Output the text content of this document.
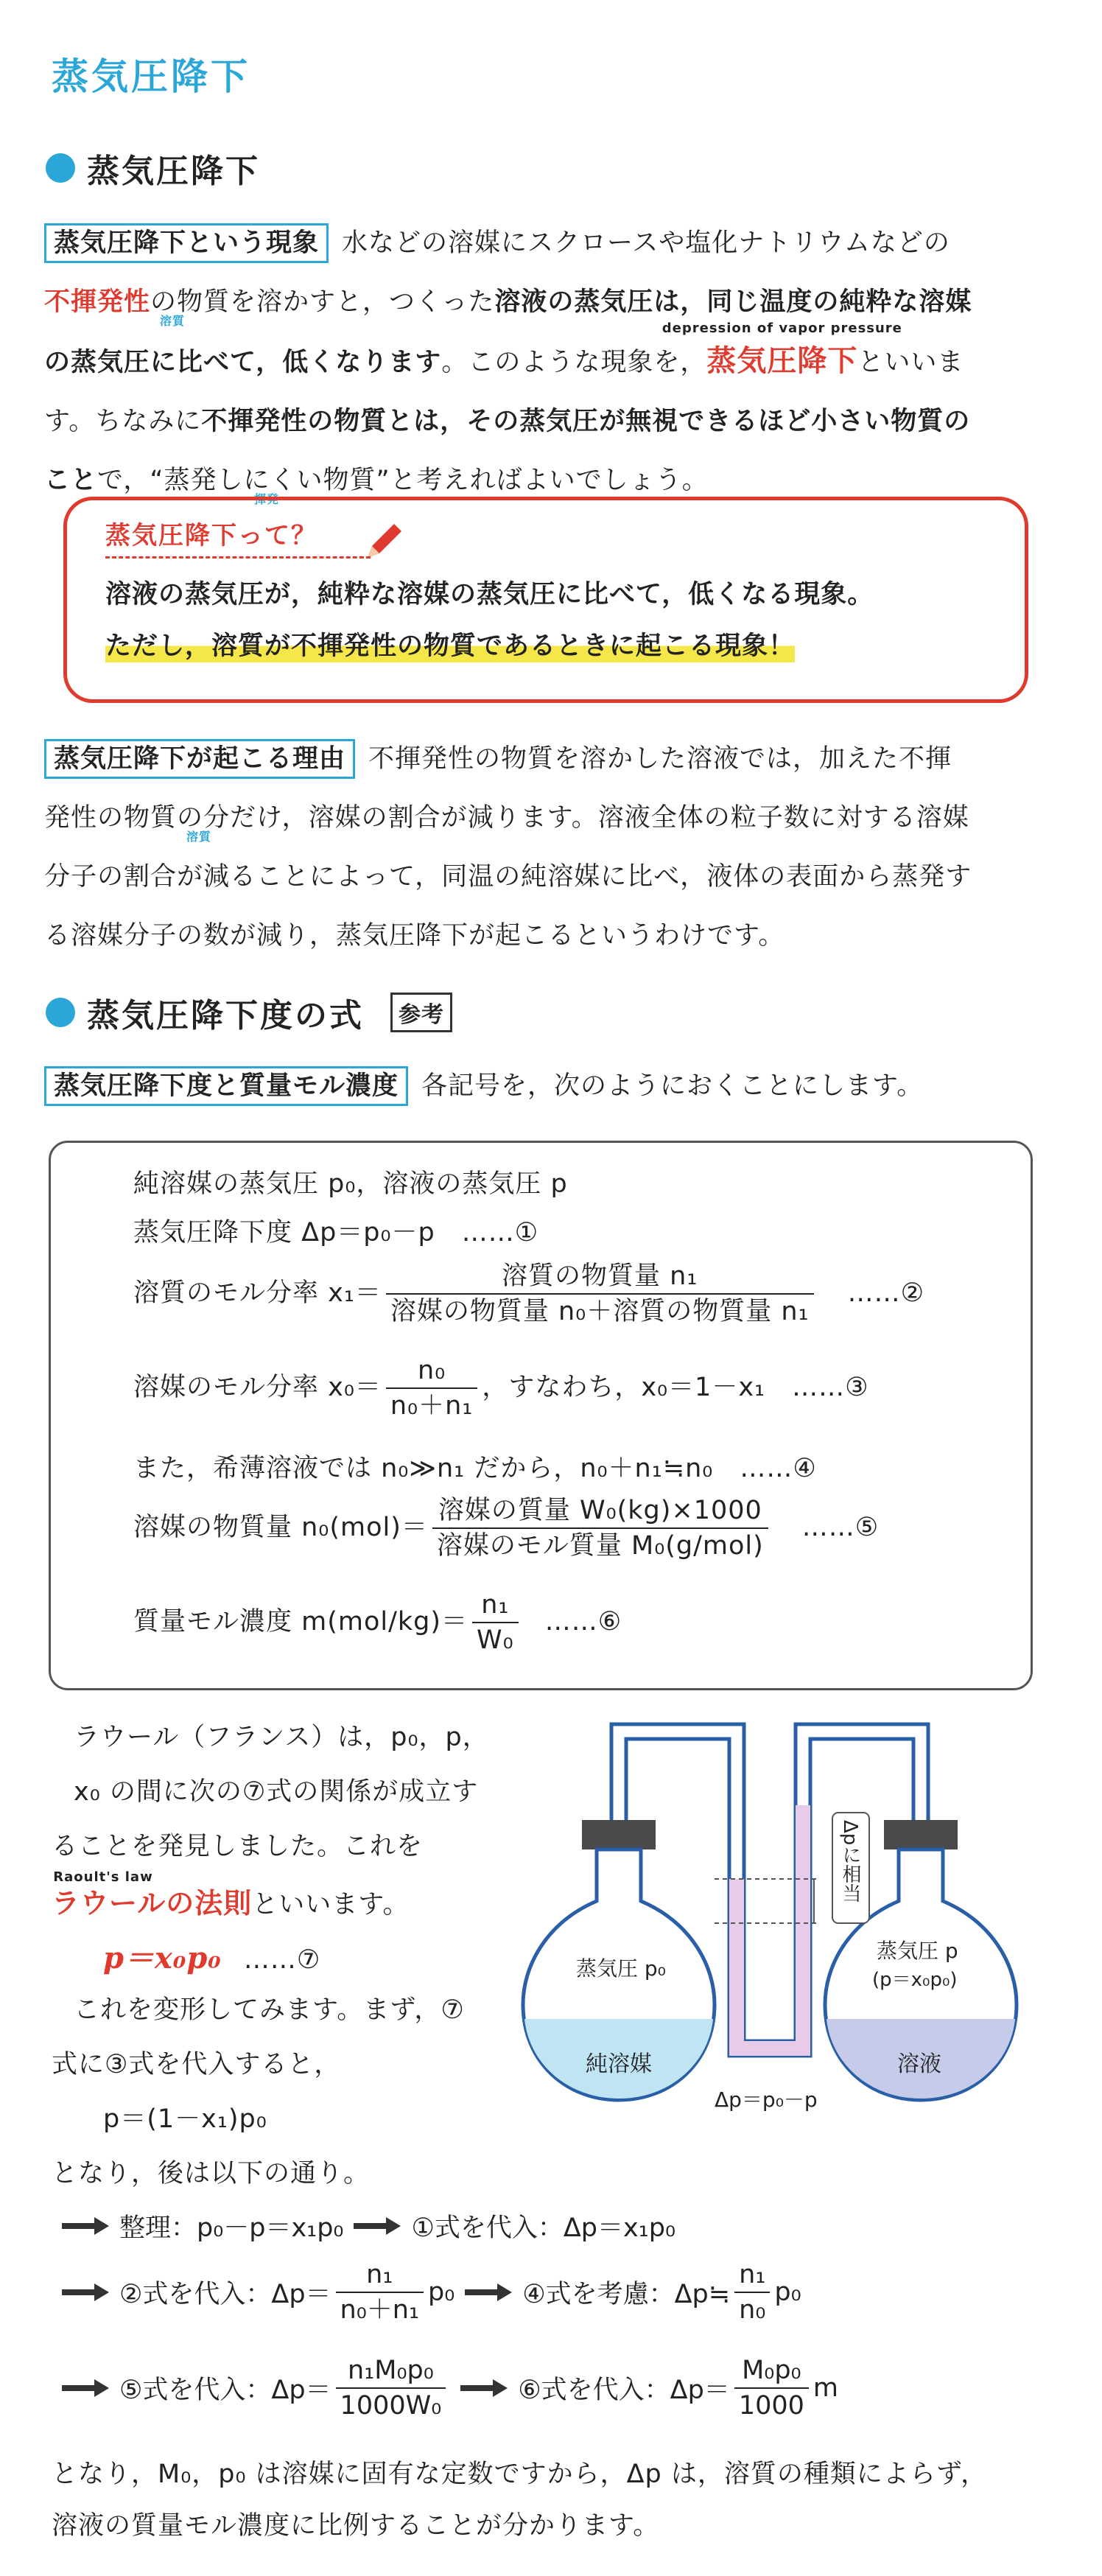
蒸気圧降下
蒸気圧降下
蒸気圧降下という現象 水などの溶媒にスクロースや塩化ナトリウムなどの
不揮発性の物質を溶かすと，つくった
溶質
溶液の蒸気圧は，同じ温度の純粋な溶媒
の蒸気圧に比べて，低くなります。このような現象を，蒸気圧降下
depression of vapor pressure
といいま
す。ちなみに不揮発性の物質とは，その蒸気圧が無視できるほど小さい物質の
ことで，“蒸発しにくい物質”と考えればよいでしょう。
揮発
蒸気圧降下って？
溶液の蒸気圧が，純粋な溶媒の蒸気圧に比べて，低くなる現象。
ただし，溶質が不揮発性の物質であるときに起こる現象！
蒸気圧降下が起こる理由 不揮発性の物質を溶かした溶液では，加えた不揮
発性の物質の分だけ，溶媒の割合が減ります。溶液全体の粒子数に対する溶媒
溶質
分子の割合が減ることによって，同温の純溶媒に比べ，液体の表面から蒸発す
る溶媒分子の数が減り，蒸気圧降下が起こるというわけです。
蒸気圧降下度の式	参考
蒸気圧降下度と質量モル濃度 各記号を，次のようにおくことにします。
純溶媒の蒸気圧 p₀，溶液の蒸気圧 p
蒸気圧降下度 Δp＝p₀－p　……①
溶質のモル分率 $x_1= \frac{\text{溶質の物質量 n₁}}{\text{溶媒の物質量 n₀＋溶質の物質量 n₁}}$ ……②
溶媒のモル分率 $x_0= \frac{\text{n₀}}{\text{n₀＋n₁}}$ ，すなわち，x₀＝1－x₁　……③
また，希薄溶液では n₀≫n₁ だから，n₀＋n₁≒n₀　……④
溶媒の物質量 $n_0(mol)= \frac{\text{溶媒の質量 W₀(kg)×1000}}{\text{溶媒のモル質量 M₀(g/mol)}}$ ……⑤
質量モル濃度 $m(mol/kg)= \frac{\text{n₁}}{\text{W₀}}$ ……⑥
ラウール（フランス）は，p₀，p，
x₀ の間に次の⑦式の関係が成立す
ることを発見しました。これを
ラウールの法則
Raoult's law
といいます。
p＝x₀p₀ ……⑦
これを変形してみます。まず，⑦
式に③式を代入すると，
p＝(1－x₁)p₀
となり，後は以下の通り。
Δpに相当
蒸気圧 p₀
純溶媒
蒸気圧 p
(p＝x₀p₀)
溶液
Δp＝p₀－p
整理：p₀－p＝x₁p₀	①式を代入：Δp＝x₁p₀
②式を代入：$\Delta p= \frac{\text{n₁}}{\text{n₀＋n₁}} p_0$	④式を考慮：Δp≒ $\frac{\text{n₁}}{\text{n₀}} p_0$
⑤式を代入：$\Delta p= \frac{\text{n₁M₀p₀}}{\text{1000W₀}}$	⑥式を代入：$\Delta p= \frac{\text{M₀p₀}}{1000}$ m
となり，M₀，p₀ は溶媒に固有な定数ですから，Δp は，溶質の種類によらず，
溶液の質量モル濃度に比例することが分かります。
